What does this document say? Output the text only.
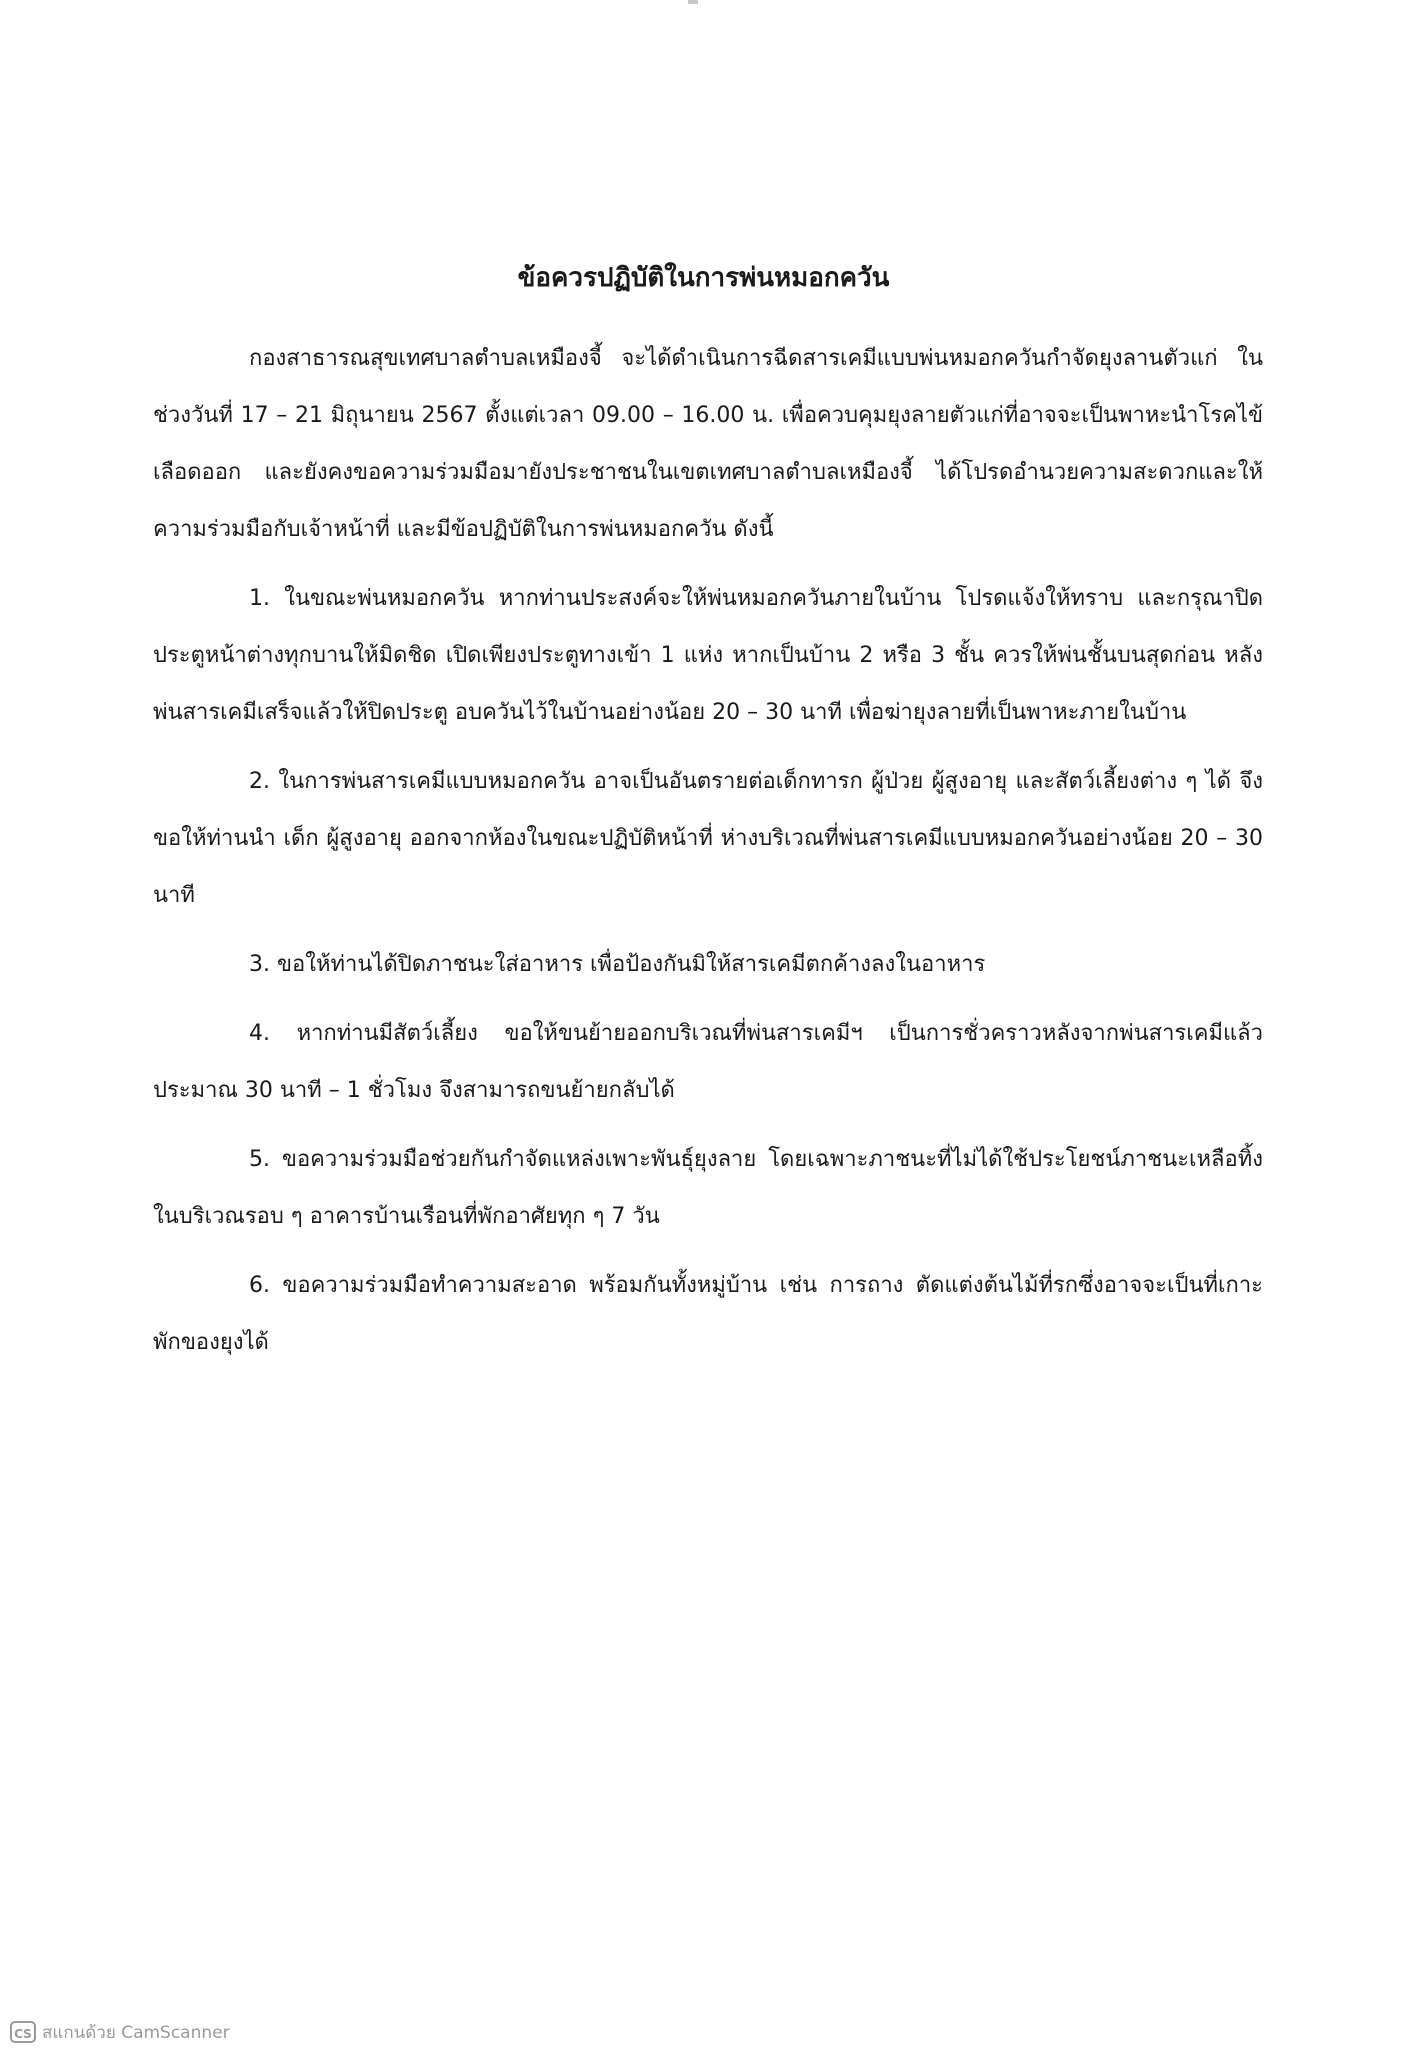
ข้อควรปฏิบัติในการพ่นหมอกควัน

กองสาธารณสุขเทศบาลตำบลเหมืองจี้ จะได้ดำเนินการฉีดสารเคมีแบบพ่นหมอกควันกำจัดยุงลานตัวแก่ ในช่วงวันที่ 17 – 21 มิถุนายน 2567 ตั้งแต่เวลา 09.00 – 16.00 น. เพื่อควบคุมยุงลายตัวแก่ที่อาจจะเป็นพาหะนำโรคไข้เลือดออก และยังคงขอความร่วมมือมายังประชาชนในเขตเทศบาลตำบลเหมืองจี้ ได้โปรดอำนวยความสะดวกและให้ความร่วมมือกับเจ้าหน้าที่ และมีข้อปฏิบัติในการพ่นหมอกควัน ดังนี้

1. ในขณะพ่นหมอกควัน หากท่านประสงค์จะให้พ่นหมอกควันภายในบ้าน โปรดแจ้งให้ทราบ และกรุณาปิดประตูหน้าต่างทุกบานให้มิดชิด เปิดเพียงประตูทางเข้า 1 แห่ง หากเป็นบ้าน 2 หรือ 3 ชั้น ควรให้พ่นชั้นบนสุดก่อน หลังพ่นสารเคมีเสร็จแล้วให้ปิดประตู อบควันไว้ในบ้านอย่างน้อย 20 – 30 นาที เพื่อฆ่ายุงลายที่เป็นพาหะภายในบ้าน

2. ในการพ่นสารเคมีแบบหมอกควัน อาจเป็นอันตรายต่อเด็กทารก ผู้ป่วย ผู้สูงอายุ และสัตว์เลี้ยงต่าง ๆ ได้ จึงขอให้ท่านนำ เด็ก ผู้สูงอายุ ออกจากห้องในขณะปฏิบัติหน้าที่ ห่างบริเวณที่พ่นสารเคมีแบบหมอกควันอย่างน้อย 20 – 30 นาที

3. ขอให้ท่านได้ปิดภาชนะใส่อาหาร เพื่อป้องกันมิให้สารเคมีตกค้างลงในอาหาร

4. หากท่านมีสัตว์เลี้ยง ขอให้ขนย้ายออกบริเวณที่พ่นสารเคมีฯ เป็นการชั่วคราวหลังจากพ่นสารเคมีแล้วประมาณ 30 นาที – 1 ชั่วโมง จึงสามารถขนย้ายกลับได้

5. ขอความร่วมมือช่วยกันกำจัดแหล่งเพาะพันธุ์ยุงลาย โดยเฉพาะภาชนะที่ไม่ได้ใช้ประโยชน์ภาชนะเหลือทิ้งในบริเวณรอบ ๆ อาคารบ้านเรือนที่พักอาศัยทุก ๆ 7 วัน

6. ขอความร่วมมือทำความสะอาด พร้อมกันทั้งหมู่บ้าน เช่น การถาง ตัดแต่งต้นไม้ที่รกซึ่งอาจจะเป็นที่เกาะพักของยุงได้

CS สแกนด้วย CamScanner
